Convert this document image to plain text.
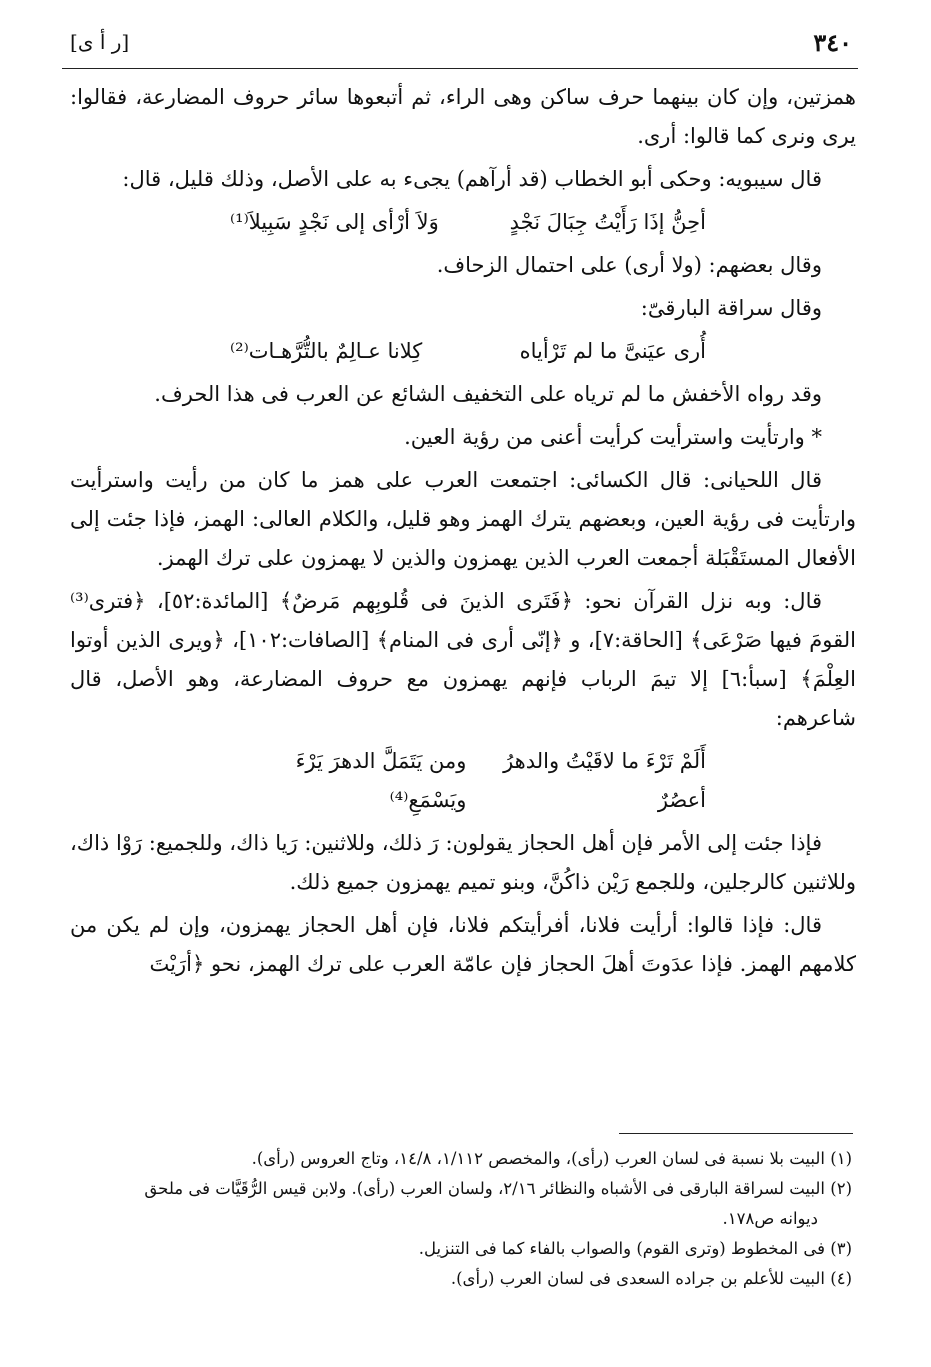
٣٤٠
[ر أ ى]

همزتين، وإن كان بينهما حرف ساكن وهى الراء، ثم أتبعوها سائر حروف المضارعة، فقالوا: يرى ونرى كما قالوا: أرى.

قال سيبويه: وحكى أبو الخطاب (قد أرآهم) يجىء به على الأصل، وذلك قليل، قال:

أحِنُّ إذَا رَأَيْتُ جِبَالَ نَجْدٍ
وَلاَ أرْأى إلى نَجْدٍ سَبِيلاَ⁽¹⁾

وقال بعضهم: (ولا أرى) على احتمال الزحاف.

وقال سراقة البارقىّ:

أُرى عيَنىَّ ما لم تَرْأياه
كِلانا عـالِمٌ بالتُّرَّهـات⁽²⁾

وقد رواه الأخفش ما لم ترياه على التخفيف الشائع عن العرب فى هذا الحرف.

* وارتأيت واسترأيت كرأيت أعنى من رؤية العين.

قال اللحيانى: قال الكسائى: اجتمعت العرب على همز ما كان من رأيت واسترأيت وارتأيت فى رؤية العين، وبعضهم يترك الهمز وهو قليل، والكلام العالى: الهمز، فإذا جئت إلى الأفعال المستَقْبَلة أجمعت العرب الذين يهمزون والذين لا يهمزون على ترك الهمز.

قال: وبه نزل القرآن نحو: ﴿فَتَرى الذينَ فى قُلوبِهم مَرضٌ﴾ [المائدة:٥٢]، ﴿فترى⁽³⁾ القومَ فيها صَرْعَى﴾ [الحاقة:٧]، و ﴿إنّى أرى فى المنام﴾ [الصافات:١٠٢]، ﴿ويرى الذين أوتوا العِلْمَ﴾ [سبأ:٦] إلا تيمَ الرباب فإنهم يهمزون مع حروف المضارعة، وهو الأصل، قال شاعرهم:

أَلَمْ تَرْءَ ما لاقَيْتُ والدهرُ أعصُرٌ
ومن يَتَمَلَّ الدهرَ يَرْءَ ويَسْمَعِ⁽⁴⁾

فإذا جئت إلى الأمر فإن أهل الحجاز يقولون: رَ ذلك، وللاثنين: رَيا ذاك، وللجميع: رَوْا ذاك، وللاثنين كالرجلين، وللجمع رَيْن ذاكُنَّ، وبنو تميم يهمزون جميع ذلك.

قال: فإذا قالوا: أرأيت فلانا، أفرأيتكم فلانا، فإن أهل الحجاز يهمزون، وإن لم يكن من كلامهم الهمز. فإذا عدَوتَ أهلَ الحجاز فإن عامّة العرب على ترك الهمز، نحو ﴿أرَيْتَ

(١) البيت بلا نسبة فى لسان العرب (رأى)، والمخصص ١/١١٢، ١٤/٨، وتاج العروس (رأى).

(٢) البيت لسراقة البارقى فى الأشباه والنظائر ٢/١٦، ولسان العرب (رأى). ولابن قيس الرُّقَيَّات فى ملحق

ديوانه ص١٧٨.

(٣) فى المخطوط (وترى القوم) والصواب بالفاء كما فى التنزيل.

(٤) البيت للأعلم بن جراده السعدى فى لسان العرب (رأى).
